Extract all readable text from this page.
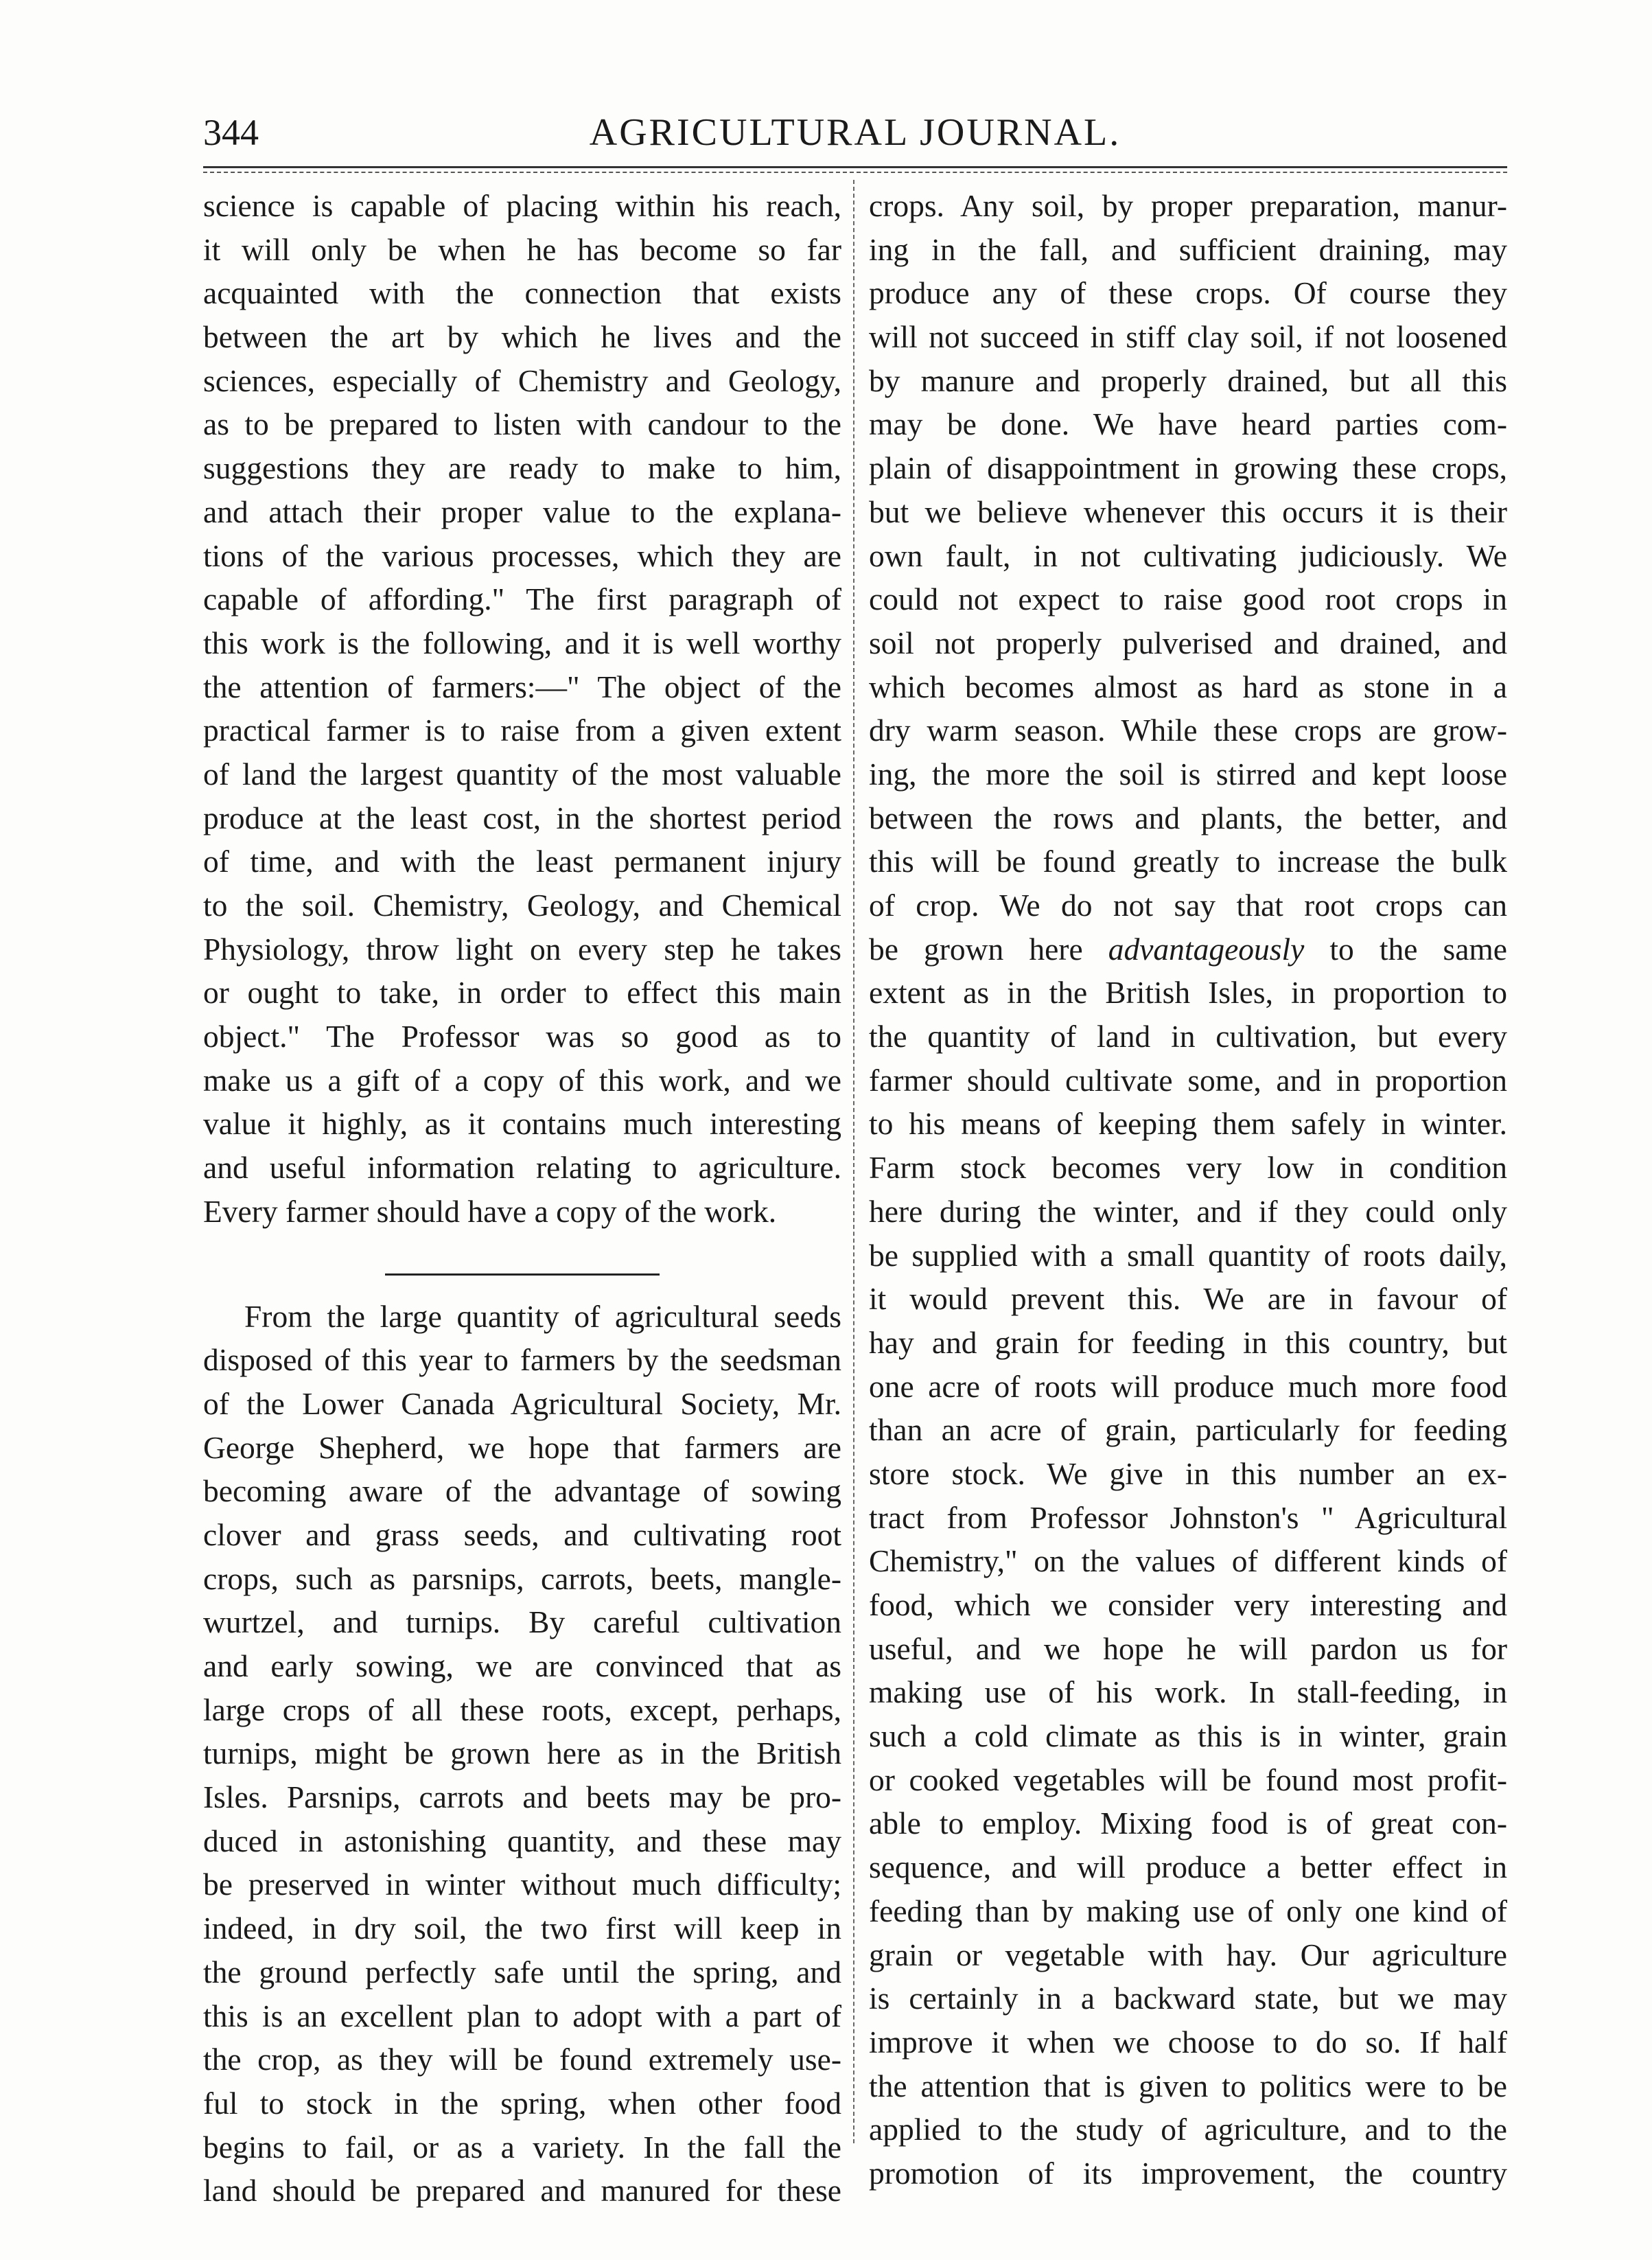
344	AGRICULTURAL JOURNAL.
science is capable of placing within his reach,
it will only be when he has become so far
acquainted with the connection that exists
between the art by which he lives and the
sciences, especially of Chemistry and Geology,
as to be prepared to listen with candour to the
suggestions they are ready to make to him,
and attach their proper value to the explana-
tions of the various processes, which they are
capable of affording." The first paragraph of
this work is the following, and it is well worthy
the attention of farmers:—" The object of the
practical farmer is to raise from a given extent
of land the largest quantity of the most valuable
produce at the least cost, in the shortest period
of time, and with the least permanent injury
to the soil. Chemistry, Geology, and Chemical
Physiology, throw light on every step he takes
or ought to take, in order to effect this main
object." The Professor was so good as to
make us a gift of a copy of this work, and we
value it highly, as it contains much interesting
and useful information relating to agriculture.
Every farmer should have a copy of the work.
From the large quantity of agricultural seeds
disposed of this year to farmers by the seedsman
of the Lower Canada Agricultural Society, Mr.
George Shepherd, we hope that farmers are
becoming aware of the advantage of sowing
clover and grass seeds, and cultivating root
crops, such as parsnips, carrots, beets, mangle-
wurtzel, and turnips. By careful cultivation
and early sowing, we are convinced that as
large crops of all these roots, except, perhaps,
turnips, might be grown here as in the British
Isles. Parsnips, carrots and beets may be pro-
duced in astonishing quantity, and these may
be preserved in winter without much difficulty;
indeed, in dry soil, the two first will keep in
the ground perfectly safe until the spring, and
this is an excellent plan to adopt with a part of
the crop, as they will be found extremely use-
ful to stock in the spring, when other food
begins to fail, or as a variety. In the fall the
land should be prepared and manured for these
crops. Any soil, by proper preparation, manur-
ing in the fall, and sufficient draining, may
produce any of these crops. Of course they
will not succeed in stiff clay soil, if not loosened
by manure and properly drained, but all this
may be done. We have heard parties com-
plain of disappointment in growing these crops,
but we believe whenever this occurs it is their
own fault, in not cultivating judiciously. We
could not expect to raise good root crops in
soil not properly pulverised and drained, and
which becomes almost as hard as stone in a
dry warm season. While these crops are grow-
ing, the more the soil is stirred and kept loose
between the rows and plants, the better, and
this will be found greatly to increase the bulk
of crop. We do not say that root crops can
be grown here advantageously to the same
extent as in the British Isles, in proportion to
the quantity of land in cultivation, but every
farmer should cultivate some, and in proportion
to his means of keeping them safely in winter.
Farm stock becomes very low in condition
here during the winter, and if they could only
be supplied with a small quantity of roots daily,
it would prevent this. We are in favour of
hay and grain for feeding in this country, but
one acre of roots will produce much more food
than an acre of grain, particularly for feeding
store stock. We give in this number an ex-
tract from Professor Johnston's " Agricultural
Chemistry," on the values of different kinds of
food, which we consider very interesting and
useful, and we hope he will pardon us for
making use of his work. In stall-feeding, in
such a cold climate as this is in winter, grain
or cooked vegetables will be found most profit-
able to employ. Mixing food is of great con-
sequence, and will produce a better effect in
feeding than by making use of only one kind of
grain or vegetable with hay. Our agriculture
is certainly in a backward state, but we may
improve it when we choose to do so. If half
the attention that is given to politics were to be
applied to the study of agriculture, and to the
promotion of its improvement, the country
